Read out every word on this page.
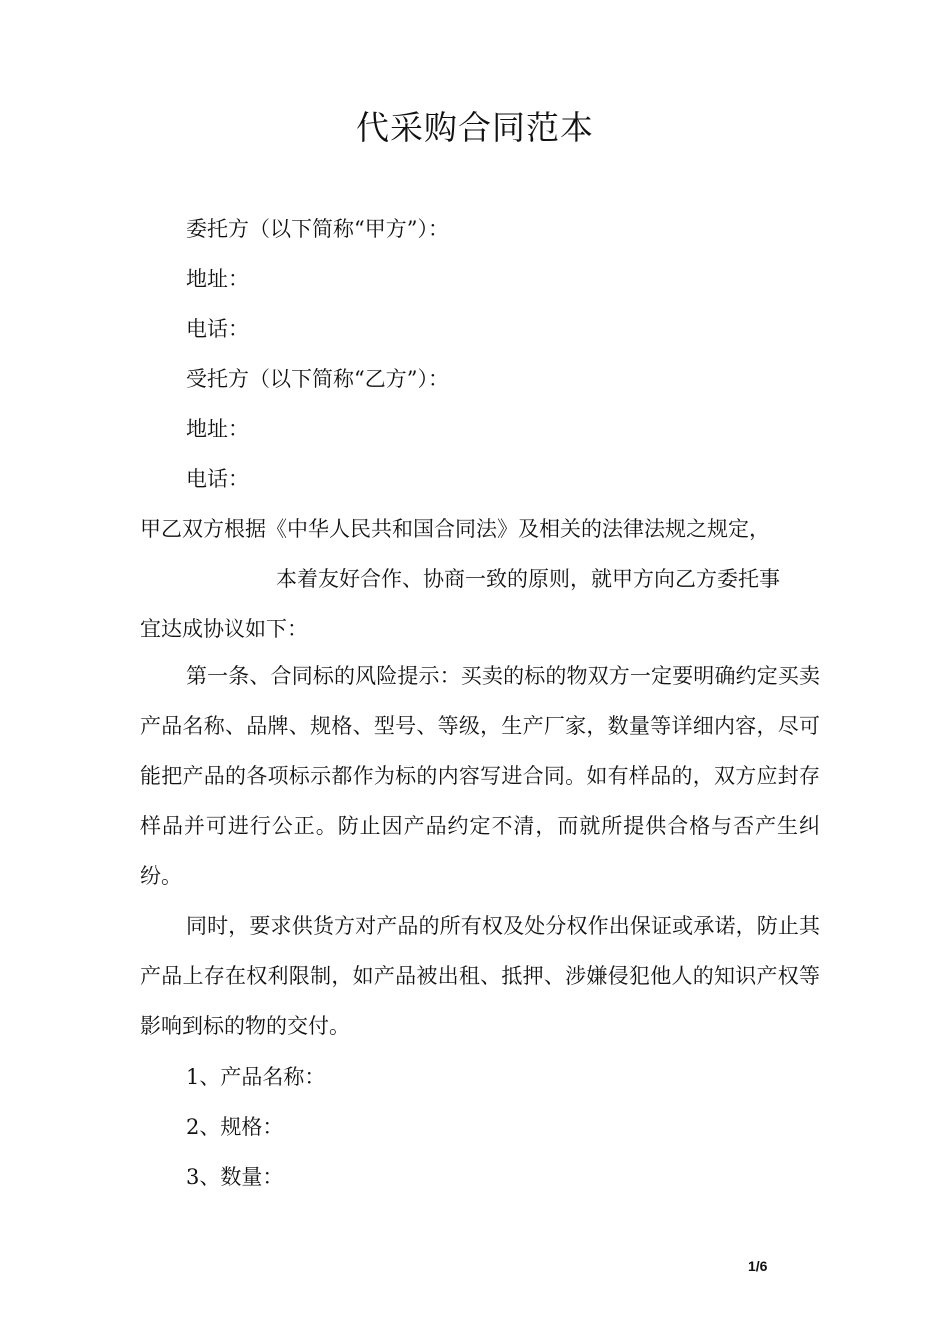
代采购合同范本
委托方（以下简称“甲方”）：
地址：
电话：
受托方（以下简称“乙方”）：
地址：
电话：
甲乙双方根据《中华人民共和国合同法》及相关的法律法规之规定，
本着友好合作、协商一致的原则，就甲方向乙方委托事
宜达成协议如下：
第一条、合同标的风险提示：买卖的标的物双方一定要明确约定买卖产品名称、品牌、规格、型号、等级，生产厂家，数量等详细内容，尽可能把产品的各项标示都作为标的内容写进合同。如有样品的，双方应封存样品并可进行公正。防止因产品约定不清，而就所提供合格与否产生纠纷。
同时，要求供货方对产品的所有权及处分权作出保证或承诺，防止其产品上存在权利限制，如产品被出租、抵押、涉嫌侵犯他人的知识产权等影响到标的物的交付。
1、产品名称：
2、规格：
3、数量：
1/6
